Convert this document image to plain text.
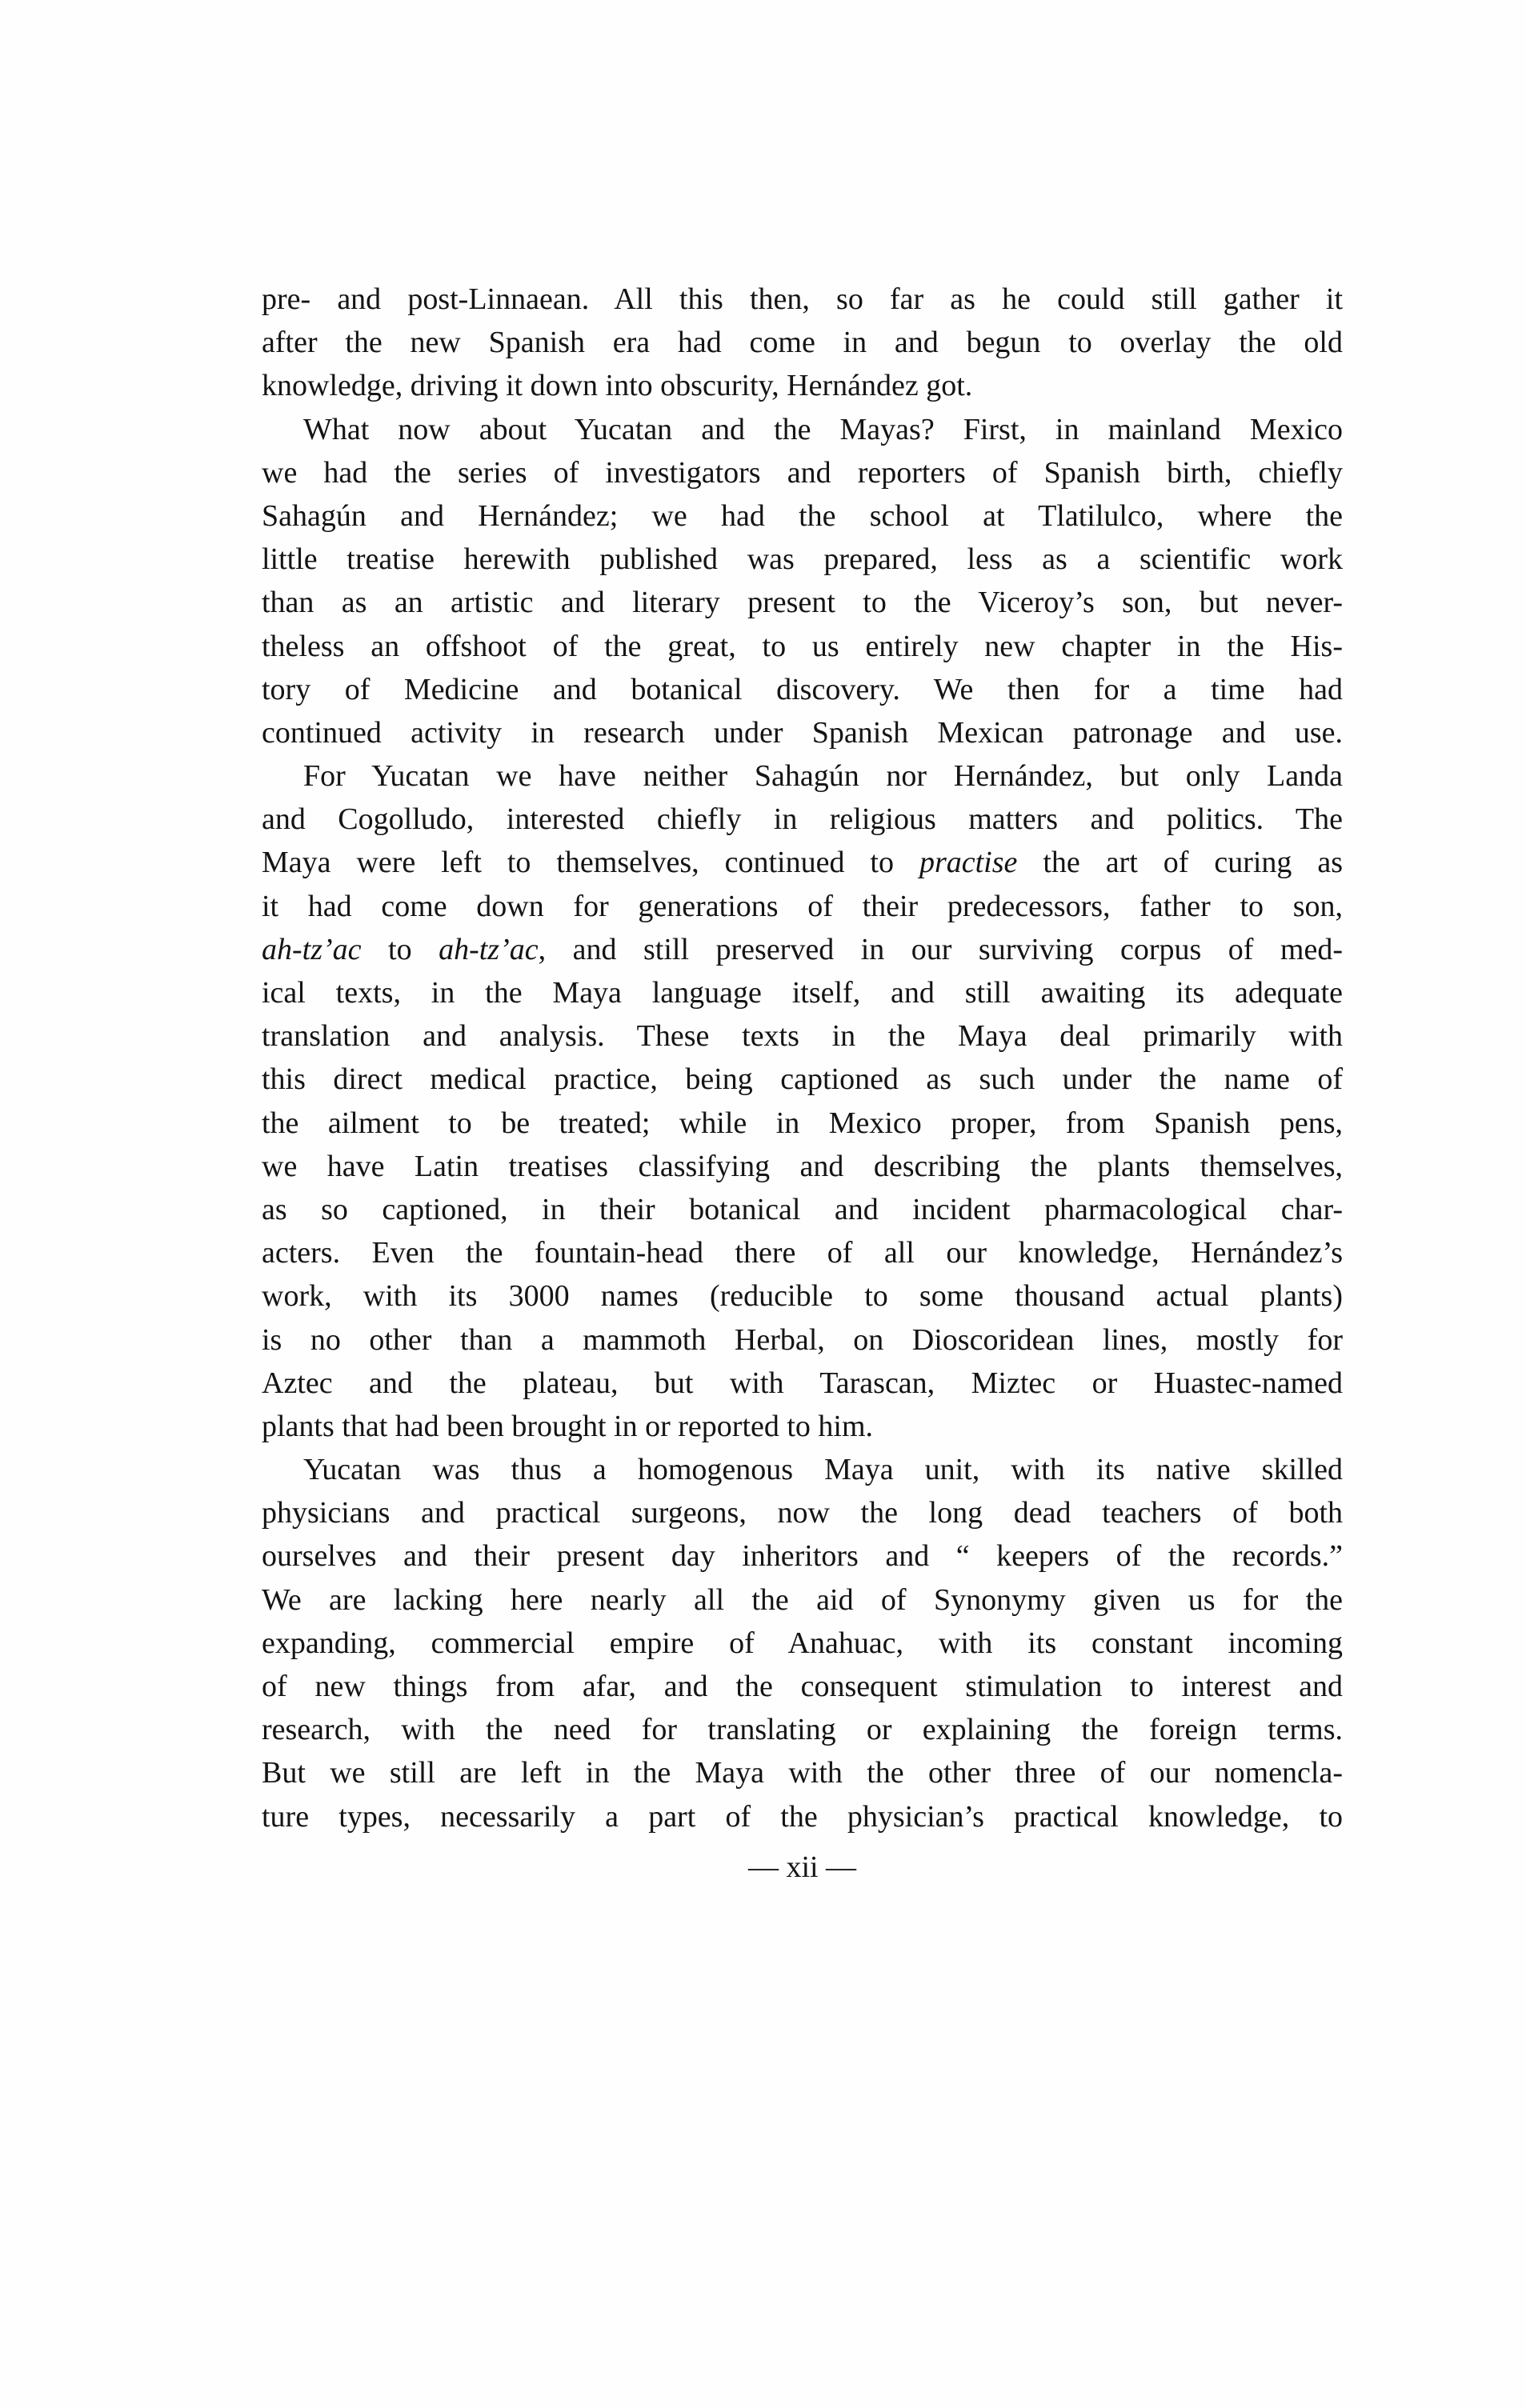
pre- and post-Linnaean. All this then, so far as he could still gather it
after the new Spanish era had come in and begun to overlay the old
knowledge, driving it down into obscurity, Hernández got.
What now about Yucatan and the Mayas? First, in mainland Mexico
we had the series of investigators and reporters of Spanish birth, chiefly
Sahagún and Hernández; we had the school at Tlatilulco, where the
little treatise herewith published was prepared, less as a scientific work
than as an artistic and literary present to the Viceroy’s son, but never-
theless an offshoot of the great, to us entirely new chapter in the His-
tory of Medicine and botanical discovery. We then for a time had
continued activity in research under Spanish Mexican patronage and use.
For Yucatan we have neither Sahagún nor Hernández, but only Landa
and Cogolludo, interested chiefly in religious matters and politics. The
Maya were left to themselves, continued to practise the art of curing as
it had come down for generations of their predecessors, father to son,
ah-tz’ac to ah-tz’ac, and still preserved in our surviving corpus of med-
ical texts, in the Maya language itself, and still awaiting its adequate
translation and analysis. These texts in the Maya deal primarily with
this direct medical practice, being captioned as such under the name of
the ailment to be treated; while in Mexico proper, from Spanish pens,
we have Latin treatises classifying and describing the plants themselves,
as so captioned, in their botanical and incident pharmacological char-
acters. Even the fountain-head there of all our knowledge, Hernández’s
work, with its 3000 names (reducible to some thousand actual plants)
is no other than a mammoth Herbal, on Dioscoridean lines, mostly for
Aztec and the plateau, but with Tarascan, Miztec or Huastec-named
plants that had been brought in or reported to him.
Yucatan was thus a homogenous Maya unit, with its native skilled
physicians and practical surgeons, now the long dead teachers of both
ourselves and their present day inheritors and “ keepers of the records.”
We are lacking here nearly all the aid of Synonymy given us for the
expanding, commercial empire of Anahuac, with its constant incoming
of new things from afar, and the consequent stimulation to interest and
research, with the need for translating or explaining the foreign terms.
But we still are left in the Maya with the other three of our nomencla-
ture types, necessarily a part of the physician’s practical knowledge, to
— xii —
